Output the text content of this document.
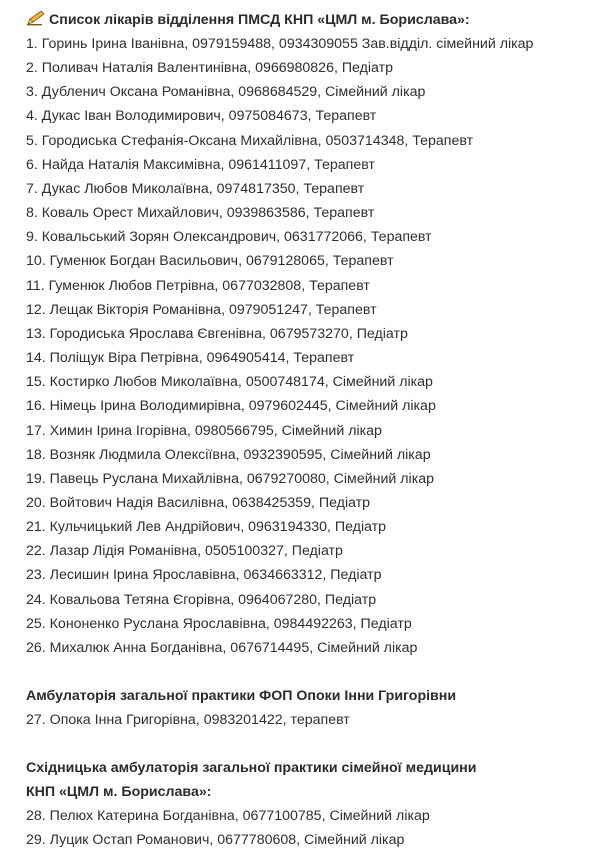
Список лікарів відділення ПМСД КНП «ЦМЛ м. Борислава»:
1. Горинь Ірина Іванівна, 0979159488, 0934309055 Зав.відділ. сімейний лікар
2. Поливач Наталія Валентинівна, 0966980826, Педіатр
3. Дубленич Оксана Романівна, 0968684529, Сімейний лікар
4. Дукас Іван Володимирович, 0975084673, Терапевт
5. Городиська Стефанія-Оксана Михайлівна, 0503714348, Терапевт
6. Найда Наталія Максимівна, 0961411097, Терапевт
7. Дукас Любов Миколаївна, 0974817350, Терапевт
8. Коваль Орест Михайлович, 0939863586, Терапевт
9. Ковальський Зорян Олександрович, 0631772066, Терапевт
10. Гуменюк Богдан Васильович, 0679128065, Терапевт
11. Гуменюк Любов Петрівна, 0677032808, Терапевт
12. Лещак Вікторія Романівна, 0979051247, Терапевт
13. Городиська Ярослава Євгенівна, 0679573270, Педіатр
14. Поліщук Віра Петрівна, 0964905414, Терапевт
15. Костирко Любов Миколаївна, 0500748174, Сімейний лікар
16. Німець Ірина Володимирівна, 0979602445, Сімейний лікар
17. Химин Ірина Ігорівна, 0980566795, Сімейний лікар
18. Возняк Людмила Олексіївна, 0932390595, Сімейний лікар
19. Павець Руслана Михайлівна, 0679270080, Сімейний лікар
20. Войтович Надія Василівна, 0638425359, Педіатр
21. Кульчицький Лев Андрійович, 0963194330, Педіатр
22. Лазар Лідія Романівна, 0505100327, Педіатр
23. Лесишин Ірина Ярославівна, 0634663312, Педіатр
24. Ковальова Тетяна Єгорівна, 0964067280, Педіатр
25. Кононенко Руслана Ярославівна, 0984492263, Педіатр
26. Михалюк Анна Богданівна, 0676714495, Сімейний лікар
Амбулаторія загальної практики ФОП Опоки Інни Григорівни
27. Опока Інна Григорівна, 0983201422, терапевт
Східницька амбулаторія загальної практики сімейної медицини
КНП «ЦМЛ м. Борислава»:
28. Пелюх Катерина Богданівна, 0677100785, Сімейний лікар
29. Луцик Остап Романович, 0677780608, Сімейний лікар
